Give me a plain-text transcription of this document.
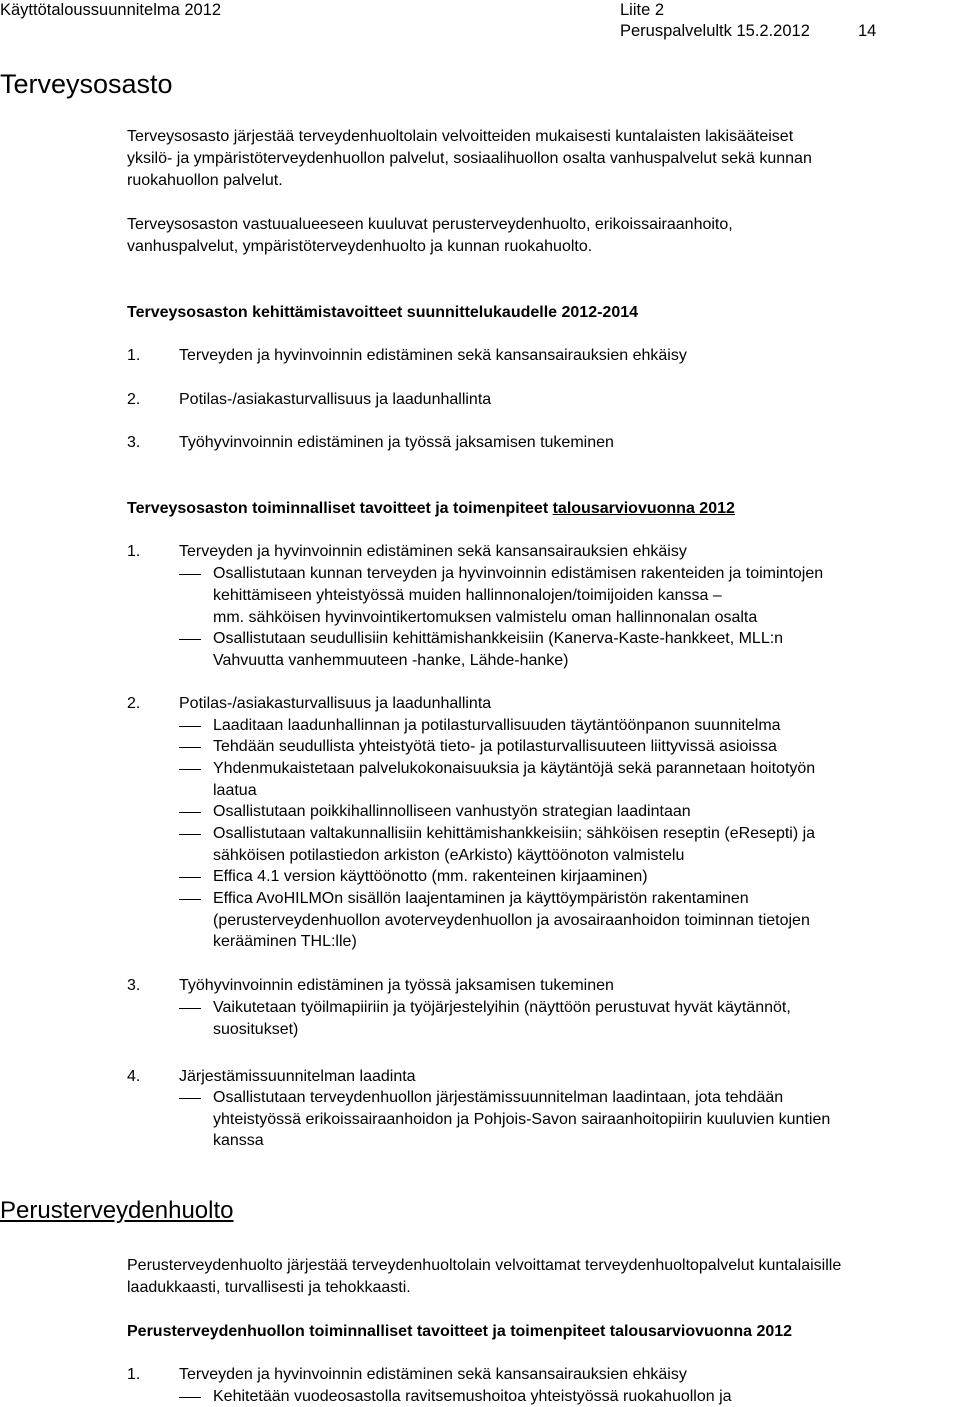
Käyttötaloussuunnitelma 2012	Liite 2
Peruspalvelultk 15.2.2012	14
Terveysosasto
Terveysosasto järjestää terveydenhuoltolain velvoitteiden mukaisesti kuntalaisten lakisääteiset
yksilö- ja ympäristöterveydenhuollon palvelut, sosiaalihuollon osalta vanhuspalvelut sekä kunnan
ruokahuollon palvelut.
Terveysosaston vastuualueeseen kuuluvat perusterveydenhuolto, erikoissairaanhoito,
vanhuspalvelut, ympäristöterveydenhuolto ja kunnan ruokahuolto.
Terveysosaston kehittämistavoitteet suunnittelukaudelle 2012-2014
1. Terveyden ja hyvinvoinnin edistäminen sekä kansansairauksien ehkäisy
2. Potilas-/asiakasturvallisuus ja laadunhallinta
3. Työhyvinvoinnin edistäminen ja työssä jaksamisen tukeminen
Terveysosaston toiminnalliset tavoitteet ja toimenpiteet talousarviovuonna 2012
1. Terveyden ja hyvinvoinnin edistäminen sekä kansansairauksien ehkäisy
Osallistutaan kunnan terveyden ja hyvinvoinnin edistämisen rakenteiden ja toimintojen
kehittämiseen yhteistyössä muiden hallinnonalojen/toimijoiden kanssa –
mm. sähköisen hyvinvointikertomuksen valmistelu oman hallinnonalan osalta
Osallistutaan seudullisiin kehittämishankkeisiin (Kanerva-Kaste-hankkeet, MLL:n
Vahvuutta vanhemmuuteen -hanke, Lähde-hanke)
2. Potilas-/asiakasturvallisuus ja laadunhallinta
Laaditaan laadunhallinnan ja potilasturvallisuuden täytäntöönpanon suunnitelma
Tehdään seudullista yhteistyötä tieto- ja potilasturvallisuuteen liittyvissä asioissa
Yhdenmukaistetaan palvelukokonaisuuksia ja käytäntöjä sekä parannetaan hoitotyön
laatua
Osallistutaan poikkihallinnolliseen vanhustyön strategian laadintaan
Osallistutaan valtakunnallisiin kehittämishankkeisiin; sähköisen reseptin (eResepti) ja
sähköisen potilastiedon arkiston (eArkisto) käyttöönoton valmistelu
Effica 4.1 version käyttöönotto (mm. rakenteinen kirjaaminen)
Effica AvoHILMOn sisällön laajentaminen ja käyttöympäristön rakentaminen
(perusterveydenhuollon avoterveydenhuollon ja avosairaanhoidon toiminnan tietojen
kerääminen THL:lle)
3. Työhyvinvoinnin edistäminen ja työssä jaksamisen tukeminen
Vaikutetaan työilmapiiriin ja työjärjestelyihin (näyttöön perustuvat hyvät käytännöt,
suositukset)
4. Järjestämissuunnitelman laadinta
Osallistutaan terveydenhuollon järjestämissuunnitelman laadintaan, jota tehdään
yhteistyössä erikoissairaanhoidon ja Pohjois-Savon sairaanhoitopiirin kuuluvien kuntien
kanssa
Perusterveydenhuolto
Perusterveydenhuolto järjestää terveydenhuoltolain velvoittamat terveydenhuoltopalvelut kuntalaisille
laadukkaasti, turvallisesti ja tehokkaasti.
Perusterveydenhuollon toiminnalliset tavoitteet ja toimenpiteet talousarviovuonna 2012
1. Terveyden ja hyvinvoinnin edistäminen sekä kansansairauksien ehkäisy
Kehitetään vuodeosastolla ravitsemushoitoa yhteistyössä ruokahuollon ja
